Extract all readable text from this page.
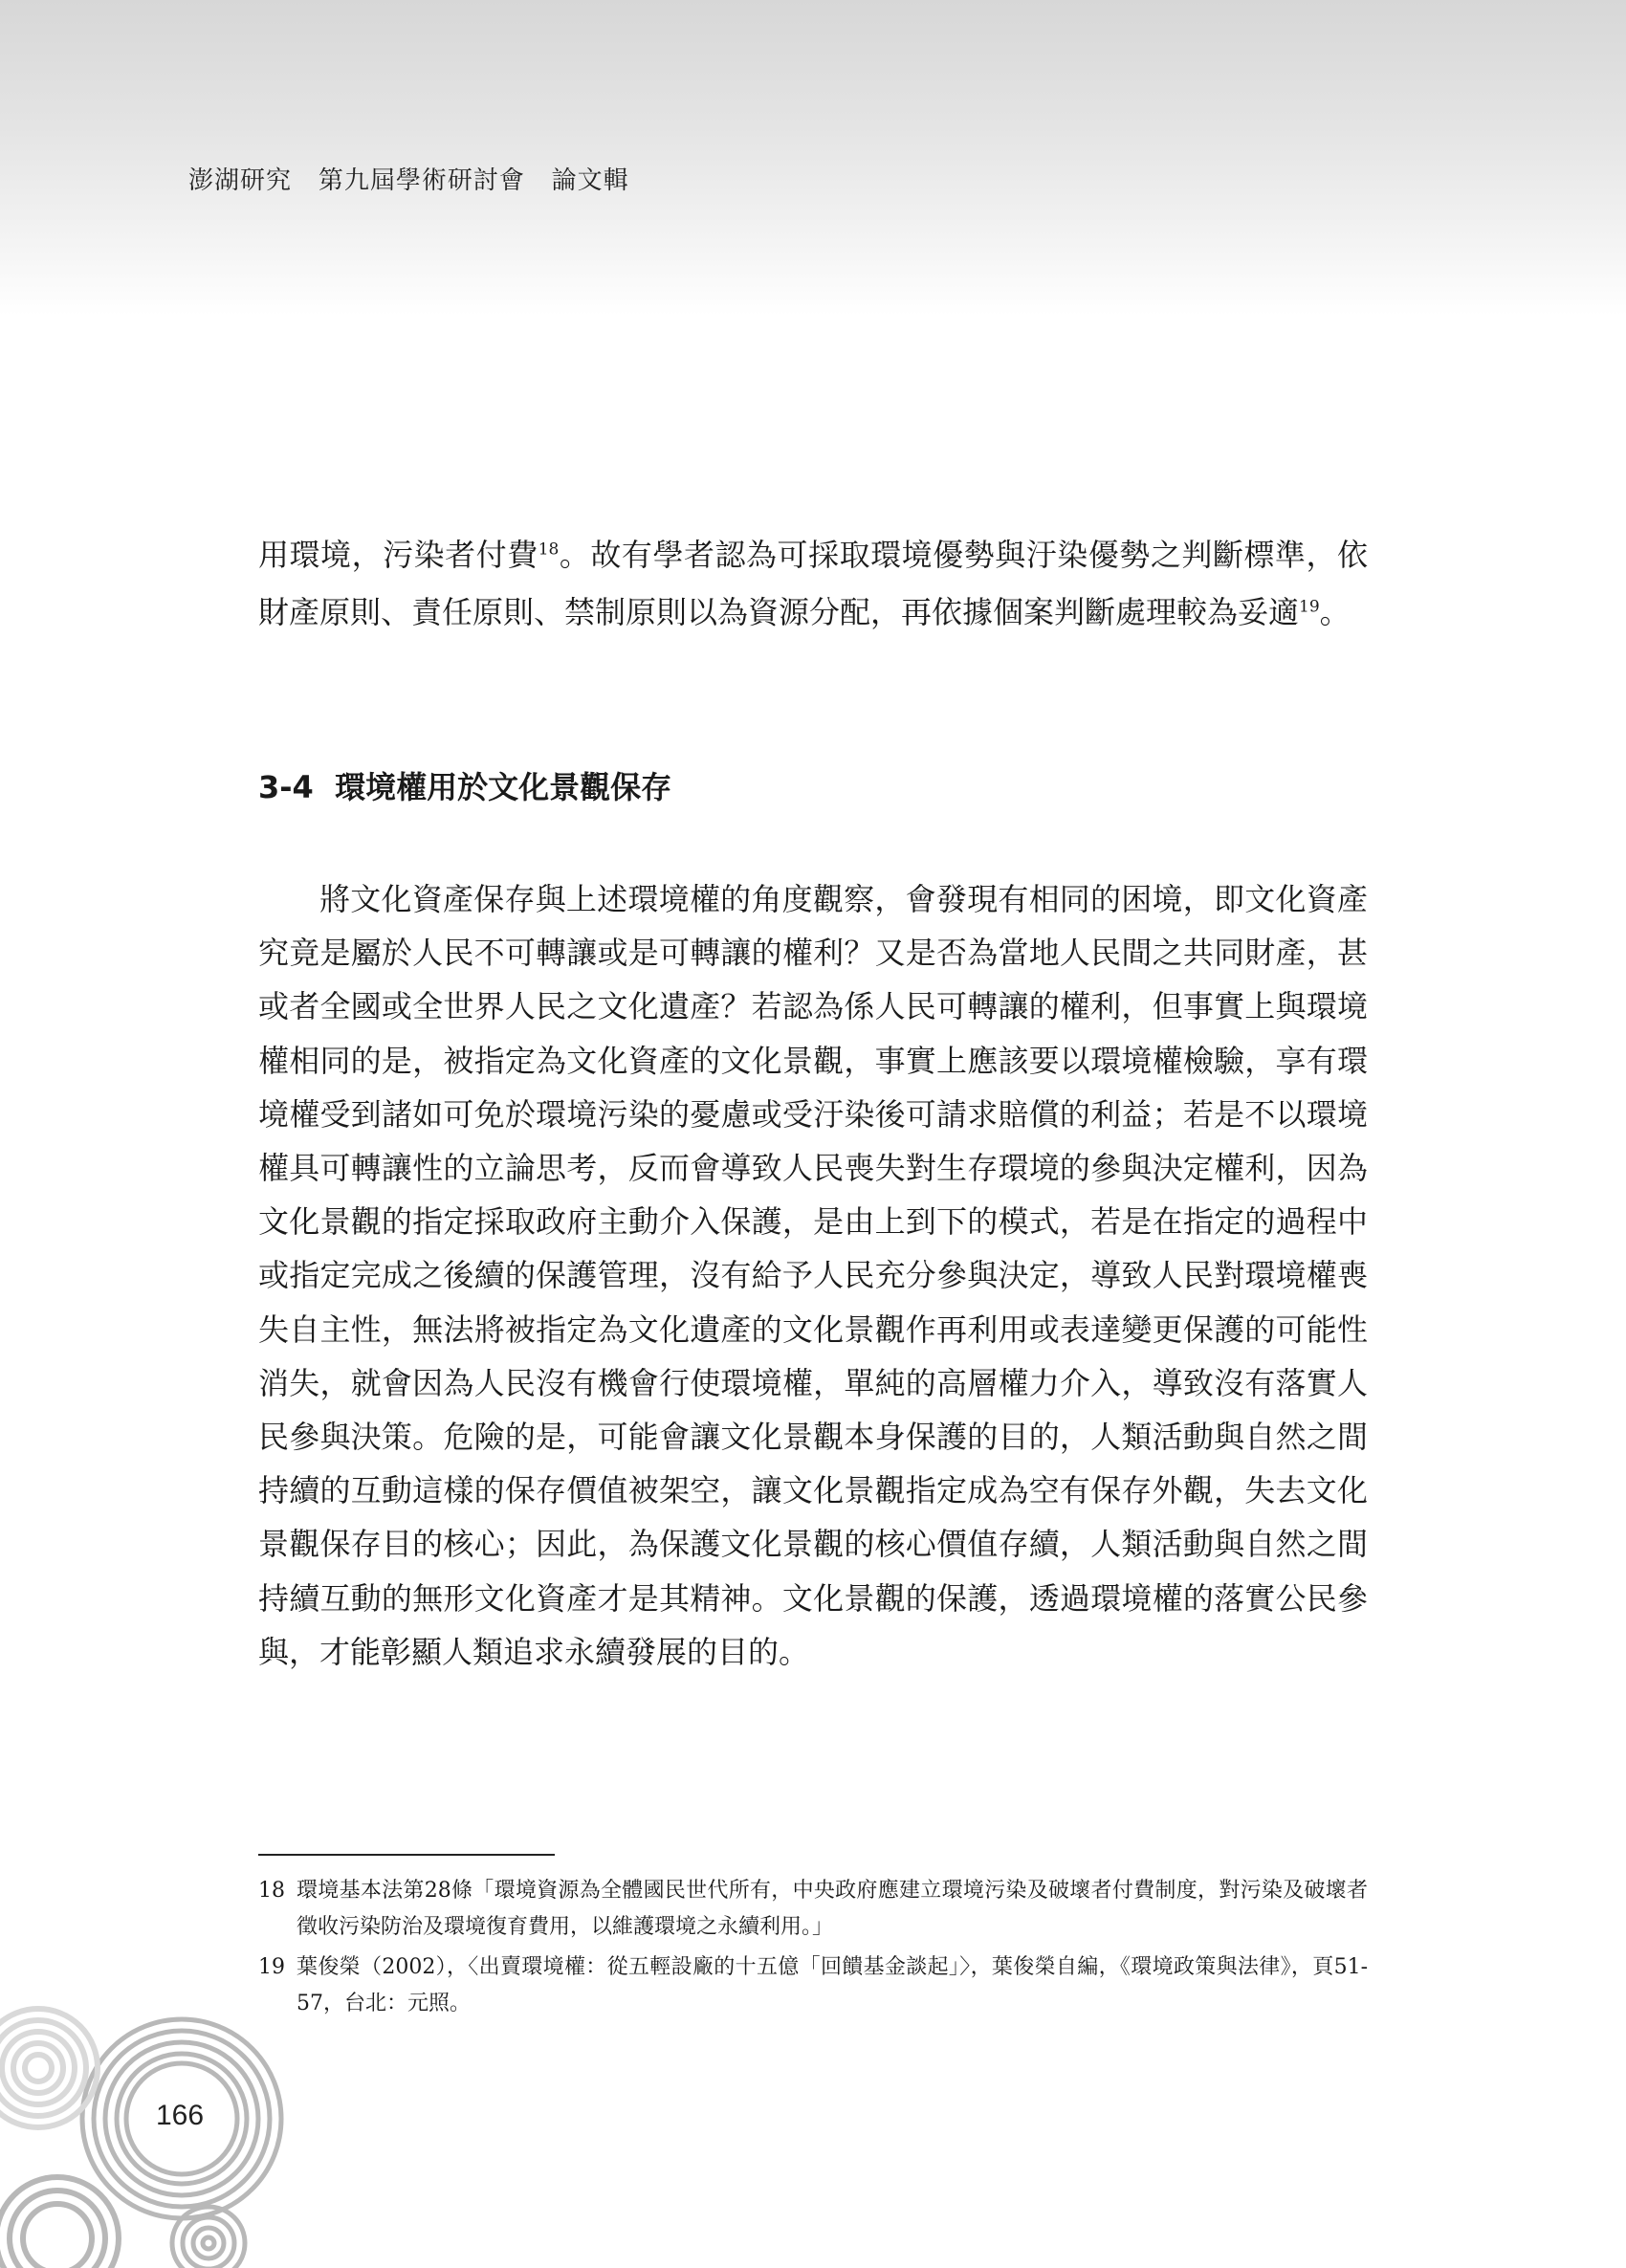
澎湖研究 第九屆學術研討會 論文輯

用環境，污染者付費$^{18}$。故有學者認為可採取環境優勢與汙染優勢之判斷標準，依財產原則、責任原則、禁制原則以為資源分配，再依據個案判斷處理較為妥適$^{19}$。

3-4 環境權用於文化景觀保存

將文化資產保存與上述環境權的角度觀察，會發現有相同的困境，即文化資產究竟是屬於人民不可轉讓或是可轉讓的權利？又是否為當地人民間之共同財產，甚或者全國或全世界人民之文化遺產？若認為係人民可轉讓的權利，但事實上與環境權相同的是，被指定為文化資產的文化景觀，事實上應該要以環境權檢驗，享有環境權受到諸如可免於環境污染的憂慮或受汙染後可請求賠償的利益；若是不以環境權具可轉讓性的立論思考，反而會導致人民喪失對生存環境的參與決定權利，因為文化景觀的指定採取政府主動介入保護，是由上到下的模式，若是在指定的過程中或指定完成之後續的保護管理，沒有給予人民充分參與決定，導致人民對環境權喪失自主性，無法將被指定為文化遺產的文化景觀作再利用或表達變更保護的可能性消失，就會因為人民沒有機會行使環境權，單純的高層權力介入，導致沒有落實人民參與決策。危險的是，可能會讓文化景觀本身保護的目的，人類活動與自然之間持續的互動這樣的保存價值被架空，讓文化景觀指定成為空有保存外觀，失去文化景觀保存目的核心；因此，為保護文化景觀的核心價值存續，人類活動與自然之間持續互動的無形文化資產才是其精神。文化景觀的保護，透過環境權的落實公民參與，才能彰顯人類追求永續發展的目的。

18 環境基本法第28條「環境資源為全體國民世代所有，中央政府應建立環境污染及破壞者付費制度，對污染及破壞者徵收污染防治及環境復育費用，以維護環境之永續利用。」

19 葉俊榮（2002），〈出賣環境權：從五輕設廠的十五億「回饋基金談起」〉，葉俊榮自編，《環境政策與法律》，頁51-57，台北：元照。

166
